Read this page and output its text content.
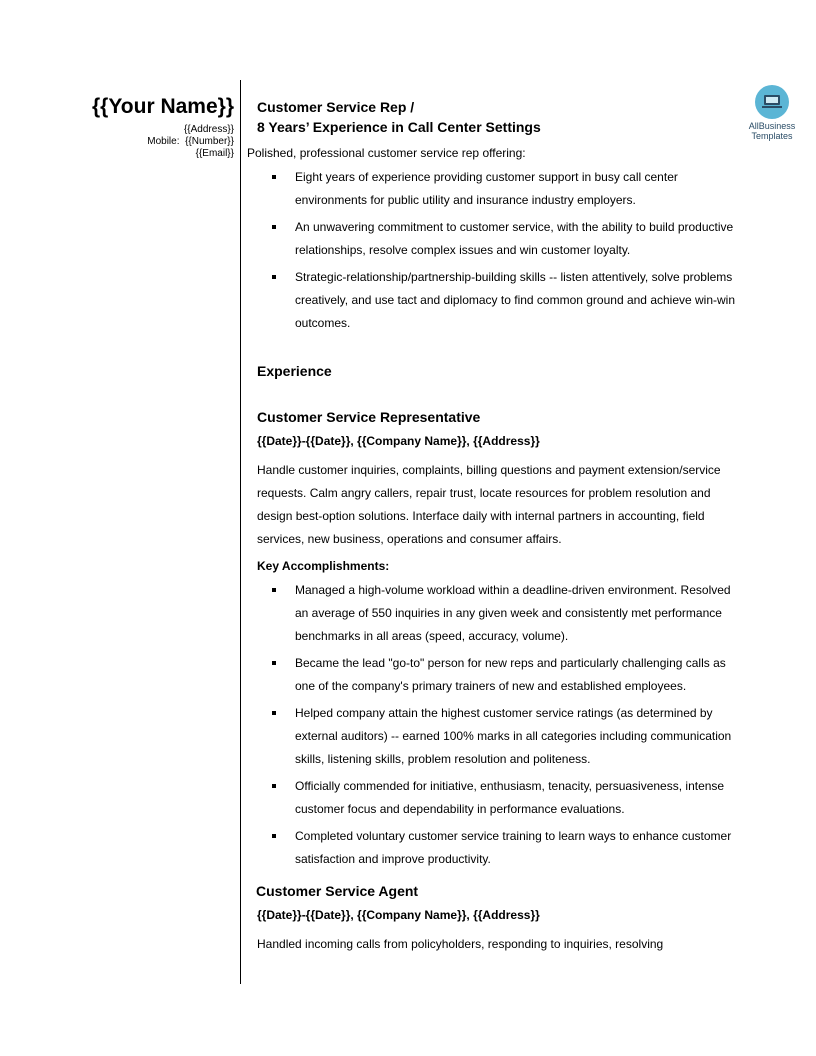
{{Your Name}}
{{Address}}
Mobile: {{Number}}
{{Email}}
AllBusiness
Templates
Customer Service Rep /
8 Years’ Experience in Call Center Settings
Polished, professional customer service rep offering:
Eight years of experience providing customer support in busy call center environments for public utility and insurance industry employers.
An unwavering commitment to customer service, with the ability to build productive relationships, resolve complex issues and win customer loyalty.
Strategic-relationship/partnership-building skills -- listen attentively, solve problems creatively, and use tact and diplomacy to find common ground and achieve win-win outcomes.
Experience
Customer Service Representative
{{Date}}-{{Date}}, {{Company Name}}, {{Address}}
Handle customer inquiries, complaints, billing questions and payment extension/service requests. Calm angry callers, repair trust, locate resources for problem resolution and design best-option solutions. Interface daily with internal partners in accounting, field services, new business, operations and consumer affairs.
Key Accomplishments:
Managed a high-volume workload within a deadline-driven environment. Resolved an average of 550 inquiries in any given week and consistently met performance benchmarks in all areas (speed, accuracy, volume).
Became the lead "go-to" person for new reps and particularly challenging calls as one of the company's primary trainers of new and established employees.
Helped company attain the highest customer service ratings (as determined by external auditors) -- earned 100% marks in all categories including communication skills, listening skills, problem resolution and politeness.
Officially commended for initiative, enthusiasm, tenacity, persuasiveness, intense customer focus and dependability in performance evaluations.
Completed voluntary customer service training to learn ways to enhance customer satisfaction and improve productivity.
Customer Service Agent
{{Date}}-{{Date}}, {{Company Name}}, {{Address}}
Handled incoming calls from policyholders, responding to inquiries, resolving
